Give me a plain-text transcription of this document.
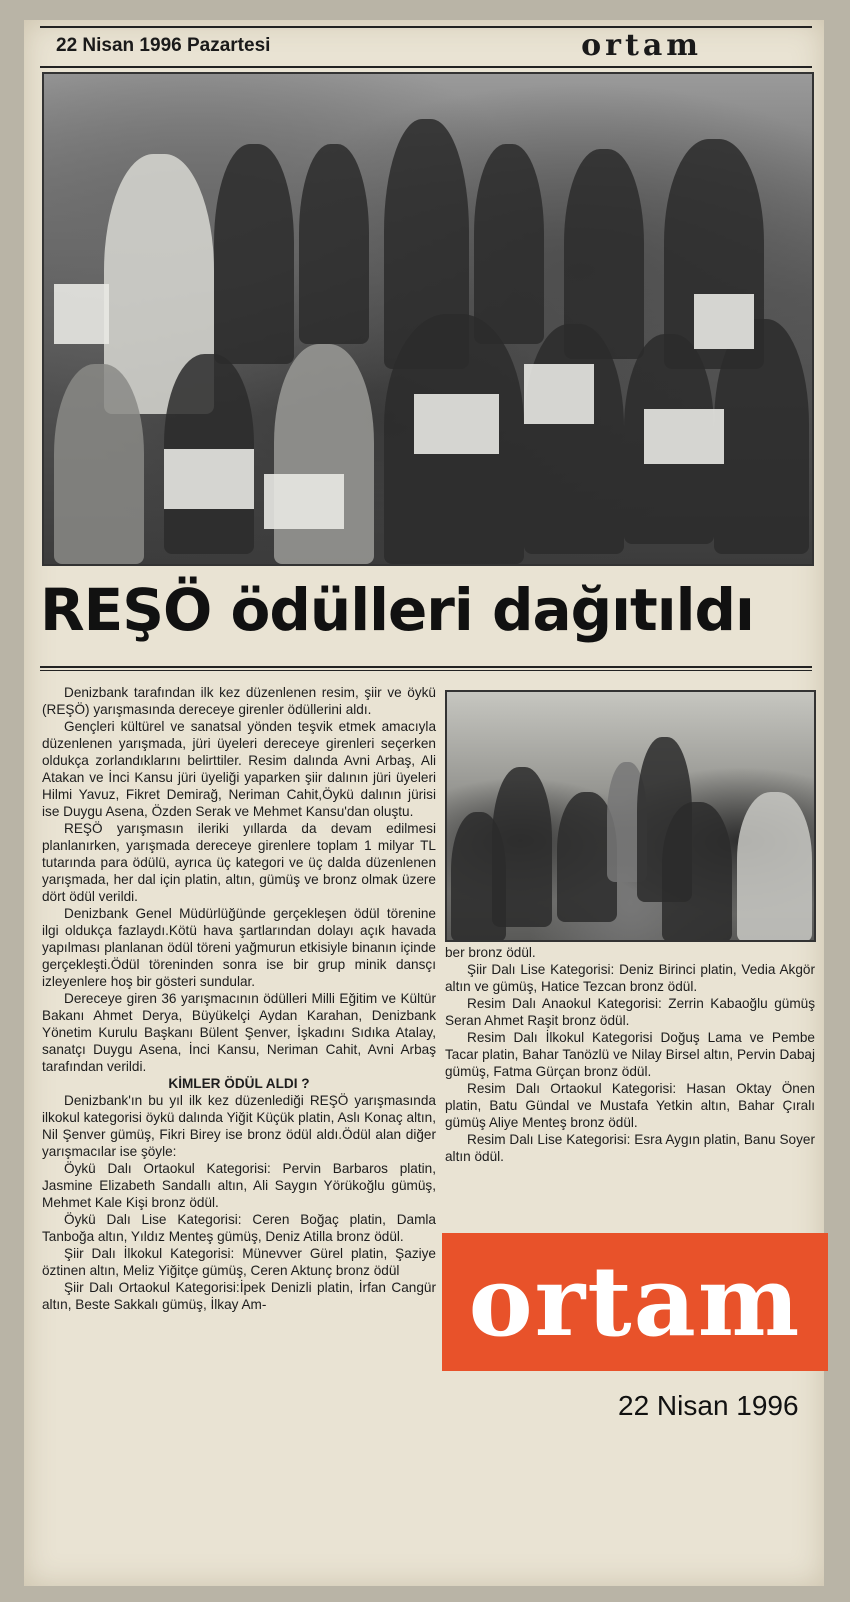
22 Nisan 1996 Pazartesi	ortam
REŞÖ ödülleri dağıtıldı

Denizbank tarafından ilk kez düzenlenen resim, şiir ve öykü (REŞÖ) yarışmasında dereceye girenler ödüllerini aldı.

Gençleri kültürel ve sanatsal yönden teşvik etmek amacıyla düzenlenen yarışmada, jüri üyeleri dereceye girenleri seçerken oldukça zorlandıklarını belirttiler. Resim dalında Avni Arbaş, Ali Atakan ve İnci Kansu jüri üyeliği yaparken şiir dalının jüri üyeleri Hilmi Yavuz, Fikret Demirağ, Neriman Cahit,Öykü dalının jürisi ise Duygu Asena, Özden Serak ve Mehmet Kansu'dan oluştu.

REŞÖ yarışmasın ileriki yıllarda da devam edilmesi planlanırken, yarışmada dereceye girenlere toplam 1 milyar TL tutarında para ödülü, ayrıca üç kategori ve üç dalda düzenlenen yarışmada, her dal için platin, altın, gümüş ve bronz olmak üzere dört ödül verildi.

Denizbank Genel Müdürlüğünde gerçekleşen ödül törenine ilgi oldukça fazlaydı.Kötü hava şartlarından dolayı açık havada yapılması planlanan ödül töreni yağmurun etkisiyle binanın içinde gerçekleşti.Ödül töreninden sonra ise bir grup minik dansçı izleyenlere hoş bir gösteri sundular.

Dereceye giren 36 yarışmacının ödülleri Milli Eğitim ve Kültür Bakanı Ahmet Derya, Büyükelçi Aydan Karahan, Denizbank Yönetim Kurulu Başkanı Bülent Şenver, İşkadını Sıdıka Atalay, sanatçı Duygu Asena, İnci Kansu, Neriman Cahit, Avni Arbaş tarafından verildi.

KİMLER ÖDÜL ALDI ?

Denizbank'ın bu yıl ilk kez düzenlediği REŞÖ yarışmasında ilkokul kategorisi öykü dalında Yiğit Küçük platin, Aslı Konaç altın, Nil Şenver gümüş, Fikri Birey ise bronz ödül aldı.Ödül alan diğer yarışmacılar ise şöyle:

Öykü Dalı Ortaokul Kategorisi: Pervin Barbaros platin, Jasmine Elizabeth Sandallı altın, Ali Saygın Yörükoğlu gümüş, Mehmet Kale Kişi bronz ödül.

Öykü Dalı Lise Kategorisi: Ceren Boğaç platin, Damla Tanboğa altın, Yıldız Menteş gümüş, Deniz Atilla bronz ödül.

Şiir Dalı İlkokul Kategorisi: Münevver Gürel platin, Şaziye öztinen altın, Meliz Yiğitçe gümüş, Ceren Aktunç bronz ödül

Şiir Dalı Ortaokul Kategorisi:İpek Denizli platin, İrfan Cangür altın, Beste Sakkalı gümüş, İlkay Am-

ber bronz ödül.

Şiir Dalı Lise Kategorisi: Deniz Birinci platin, Vedia Akgör altın ve gümüş, Hatice Tezcan bronz ödül.

Resim Dalı Anaokul Kategorisi: Zerrin Kabaoğlu gümüş Seran Ahmet Raşit bronz ödül.

Resim Dalı İlkokul Kategorisi Doğuş Lama ve Pembe Tacar platin, Bahar Tanözlü ve Nilay Birsel altın, Pervin Dabaj gümüş, Fatma Gürçan bronz ödül.

Resim Dalı Ortaokul Kategorisi: Hasan Oktay Önen platin, Batu Gündal ve Mustafa Yetkin altın, Bahar Çıralı gümüş Aliye Menteş bronz ödül.

Resim Dalı Lise Kategorisi: Esra Aygın platin, Banu Soyer altın ödül.

ortam
22 Nisan 1996
